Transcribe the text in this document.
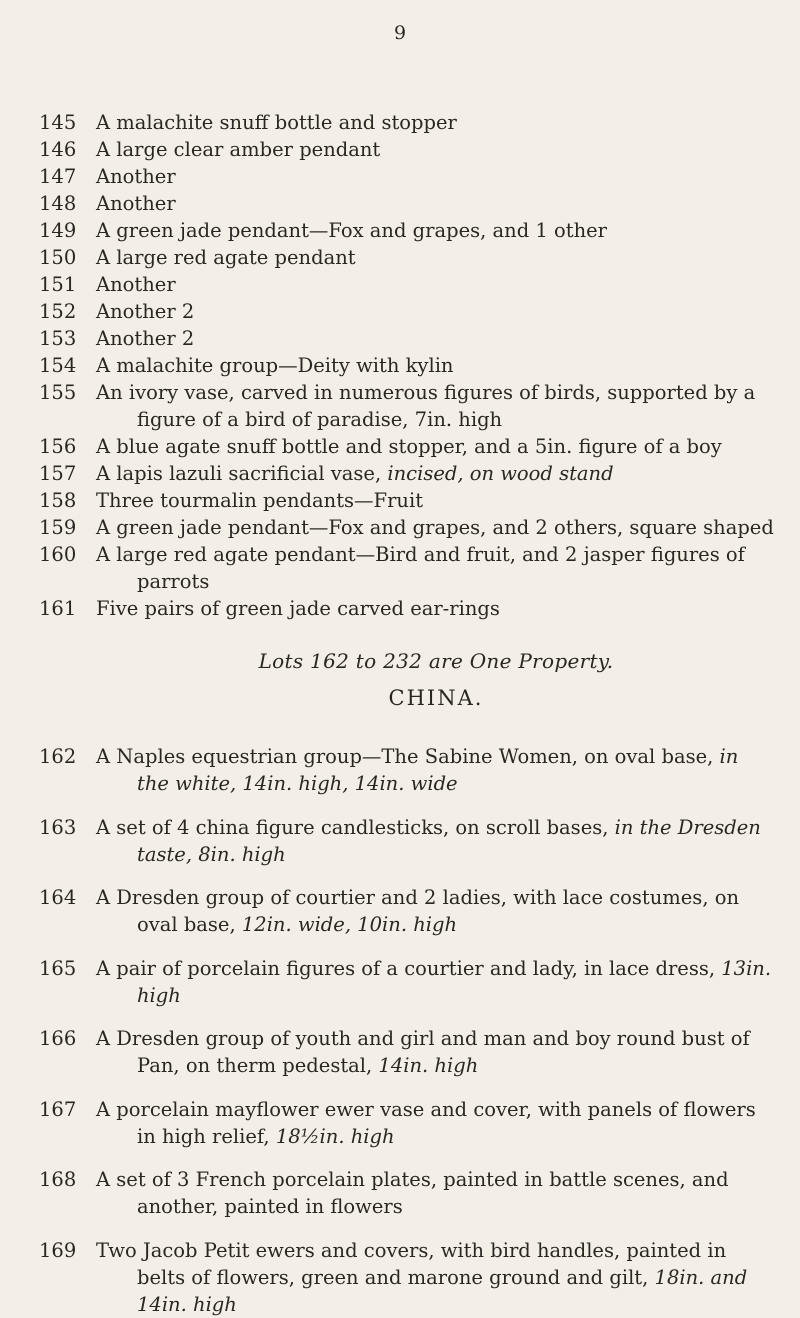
9
145	A malachite snuff bottle and stopper
146	A large clear amber pendant
147	Another
148	Another
149	A green jade pendant—Fox and grapes, and 1 other
150	A large red agate pendant
151	Another
152	Another 2
153	Another 2
154	A malachite group—Deity with kylin
155	An ivory vase, carved in numerous figures of birds, supported by a figure of a bird of paradise, 7in. high
156	A blue agate snuff bottle and stopper, and a 5in. figure of a boy
157	A lapis lazuli sacrificial vase, incised, on wood stand
158	Three tourmalin pendants—Fruit
159	A green jade pendant—Fox and grapes, and 2 others, square shaped
160	A large red agate pendant—Bird and fruit, and 2 jasper figures of parrots
161	Five pairs of green jade carved ear-rings
Lots 162 to 232 are One Property.
CHINA.
162	A Naples equestrian group—The Sabine Women, on oval base, in the white, 14in. high, 14in. wide
163	A set of 4 china figure candlesticks, on scroll bases, in the Dresden taste, 8in. high
164	A Dresden group of courtier and 2 ladies, with lace costumes, on oval base, 12in. wide, 10in. high
165	A pair of porcelain figures of a courtier and lady, in lace dress, 13in. high
166	A Dresden group of youth and girl and man and boy round bust of Pan, on therm pedestal, 14in. high
167	A porcelain mayflower ewer vase and cover, with panels of flowers in high relief, 18½in. high
168	A set of 3 French porcelain plates, painted in battle scenes, and another, painted in flowers
169	Two Jacob Petit ewers and covers, with bird handles, painted in belts of flowers, green and marone ground and gilt, 18in. and 14in. high
